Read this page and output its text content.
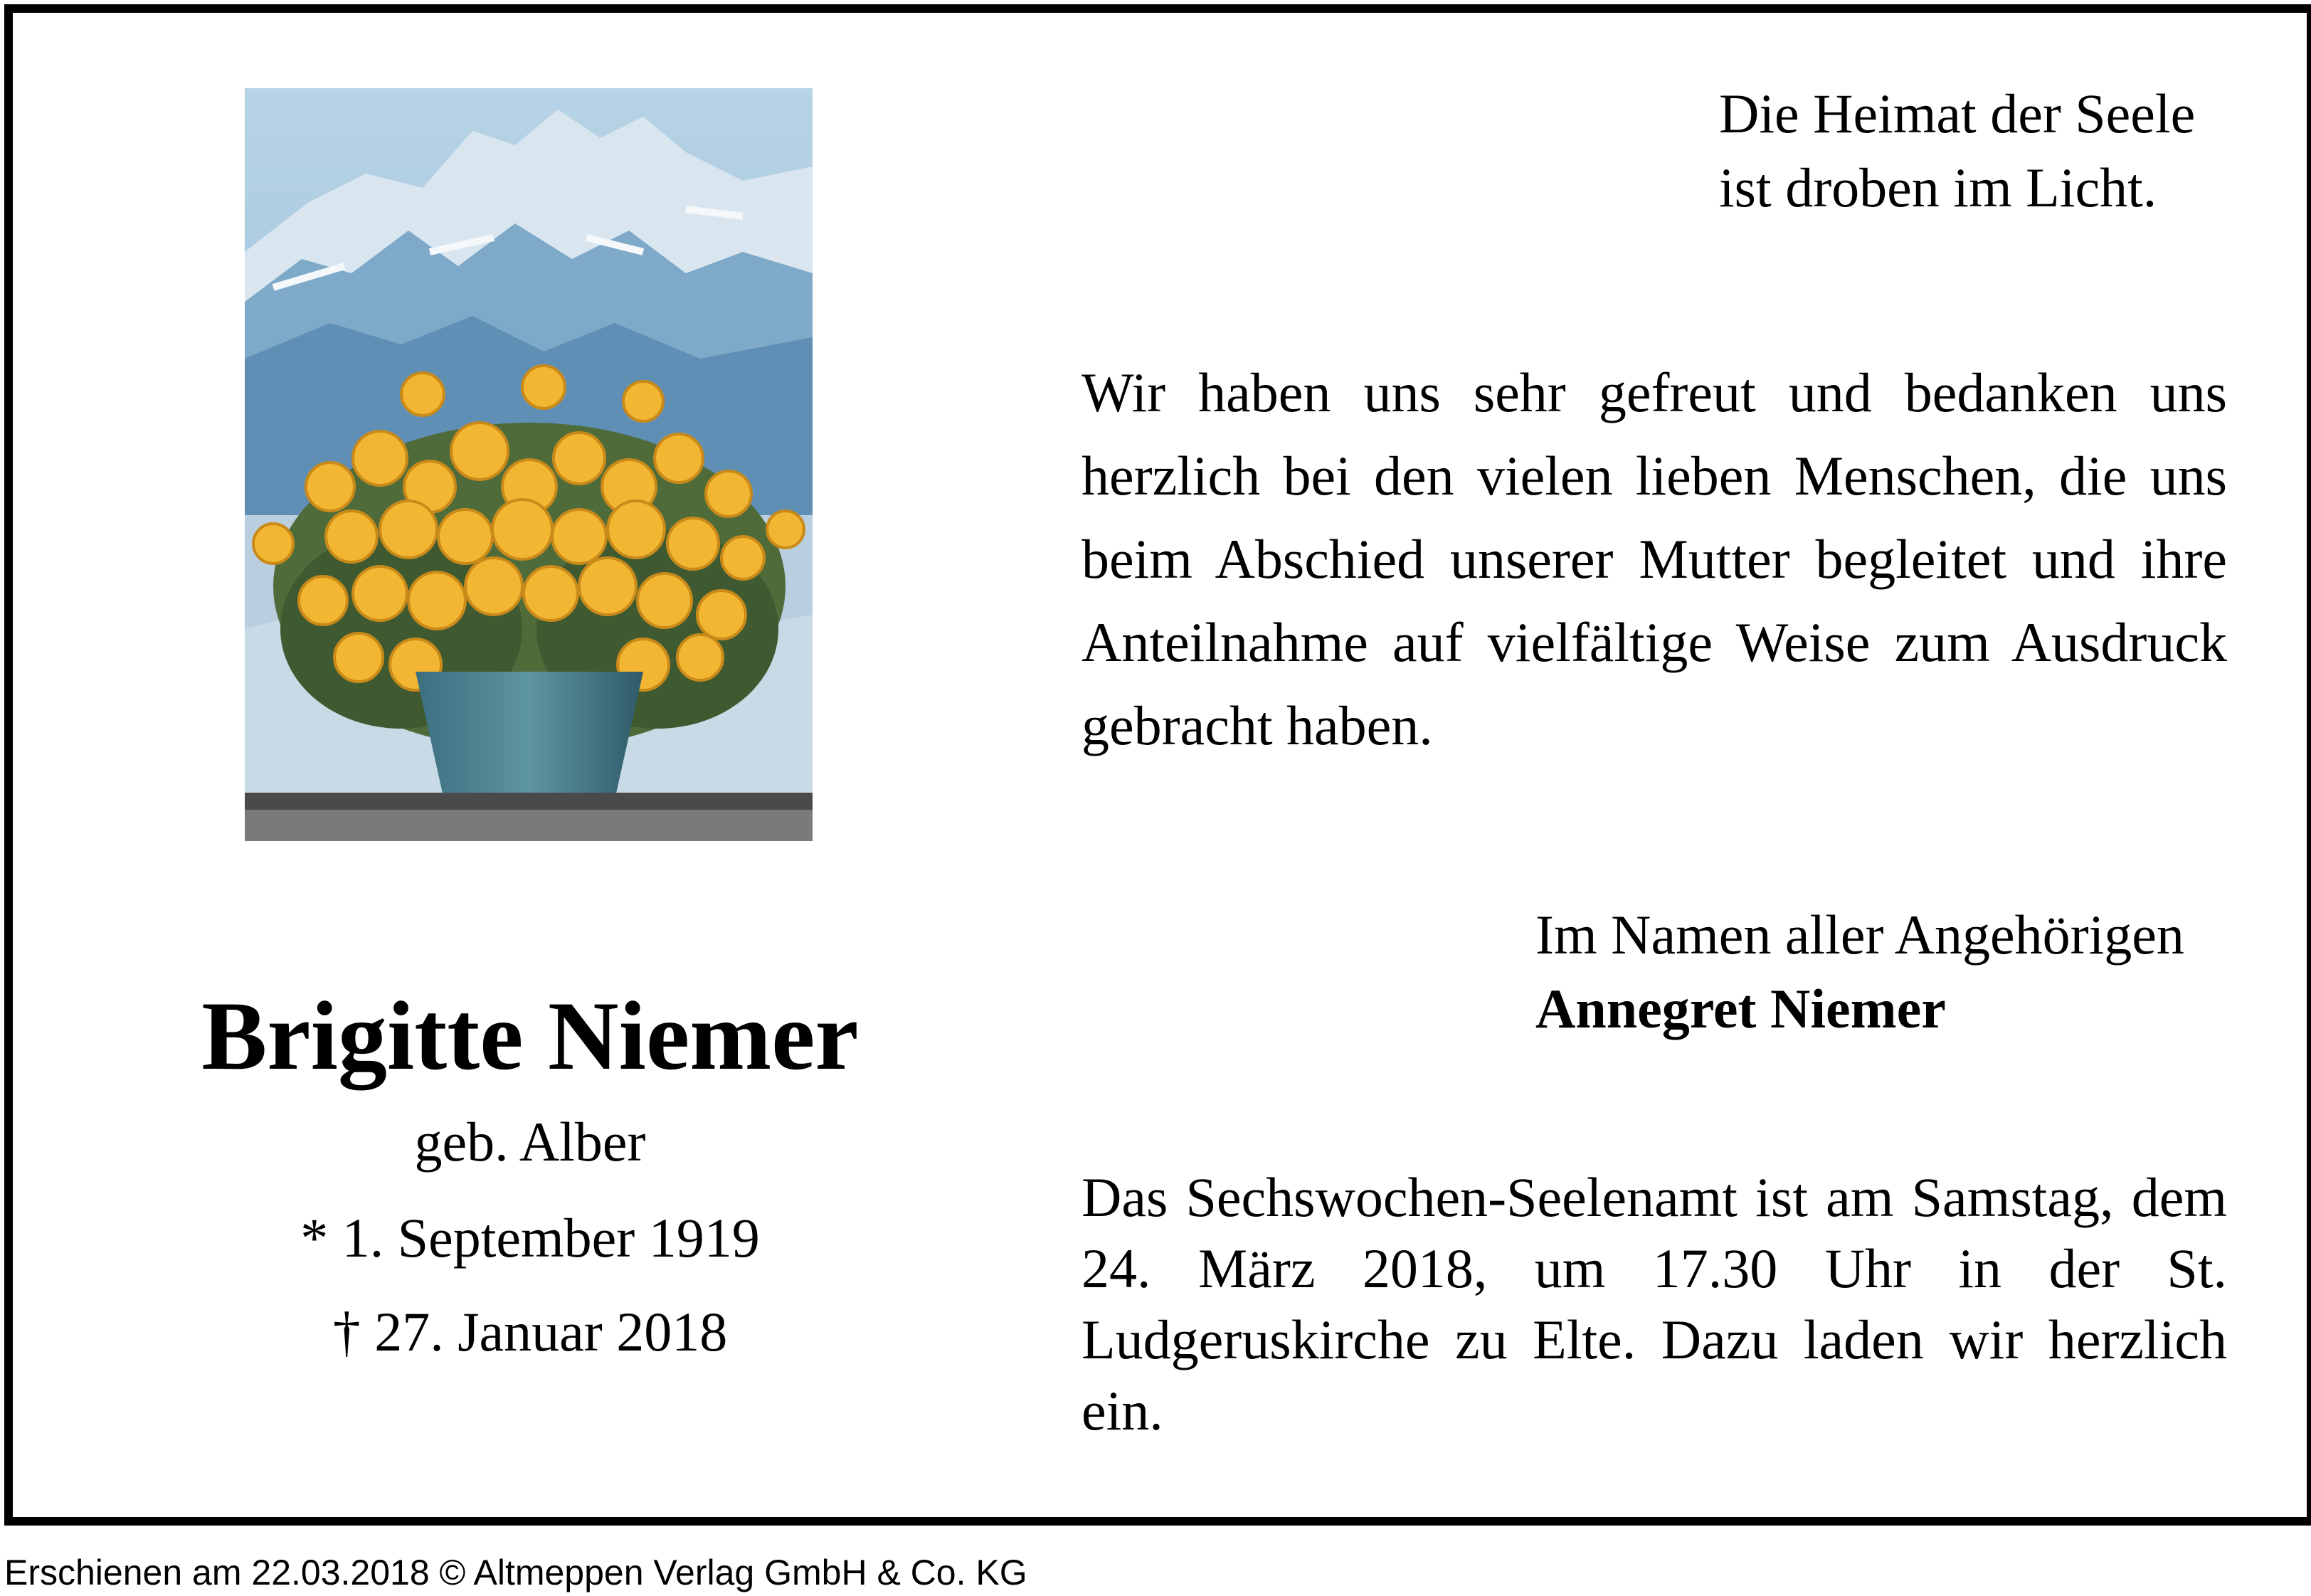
Brigitte Niemer
geb. Alber
* 1. September 1919
† 27. Januar 2018
Die Heimat der Seele
ist droben im Licht.
Wir haben uns sehr gefreut und bedanken uns herzlich bei den vielen lieben Menschen, die uns beim Abschied unserer Mutter begleitet und ihre Anteilnahme auf vielfältige Weise zum Ausdruck gebracht haben.
Im Namen aller Angehörigen
Annegret Niemer
Das Sechswochen-Seelenamt ist am Samstag, dem 24. März 2018, um 17.30 Uhr in der St. Ludgeruskirche zu Elte. Dazu laden wir herzlich ein.
Erschienen am 22.03.2018 © Altmeppen Verlag GmbH & Co. KG
